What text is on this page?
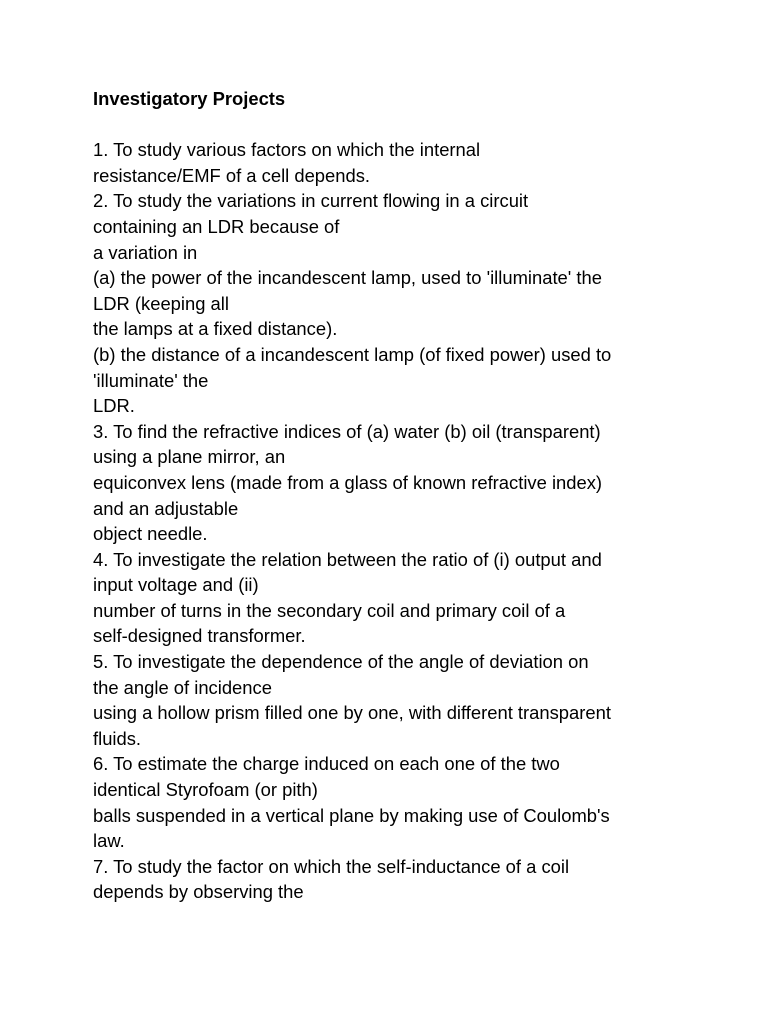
Investigatory Projects
1. To study various factors on which the internal
resistance/EMF of a cell depends.
2. To study the variations in current flowing in a circuit
containing an LDR because of
a variation in
(a) the power of the incandescent lamp, used to 'illuminate' the
LDR (keeping all
the lamps at a fixed distance).
(b) the distance of a incandescent lamp (of fixed power) used to
'illuminate' the
LDR.
3. To find the refractive indices of (a) water (b) oil (transparent)
using a plane mirror, an
equiconvex lens (made from a glass of known refractive index)
and an adjustable
object needle.
4. To investigate the relation between the ratio of (i) output and
input voltage and (ii)
number of turns in the secondary coil and primary coil of a
self-designed transformer.
5. To investigate the dependence of the angle of deviation on
the angle of incidence
using a hollow prism filled one by one, with different transparent
fluids.
6. To estimate the charge induced on each one of the two
identical Styrofoam (or pith)
balls suspended in a vertical plane by making use of Coulomb's
law.
7. To study the factor on which the self-inductance of a coil
depends by observing the
